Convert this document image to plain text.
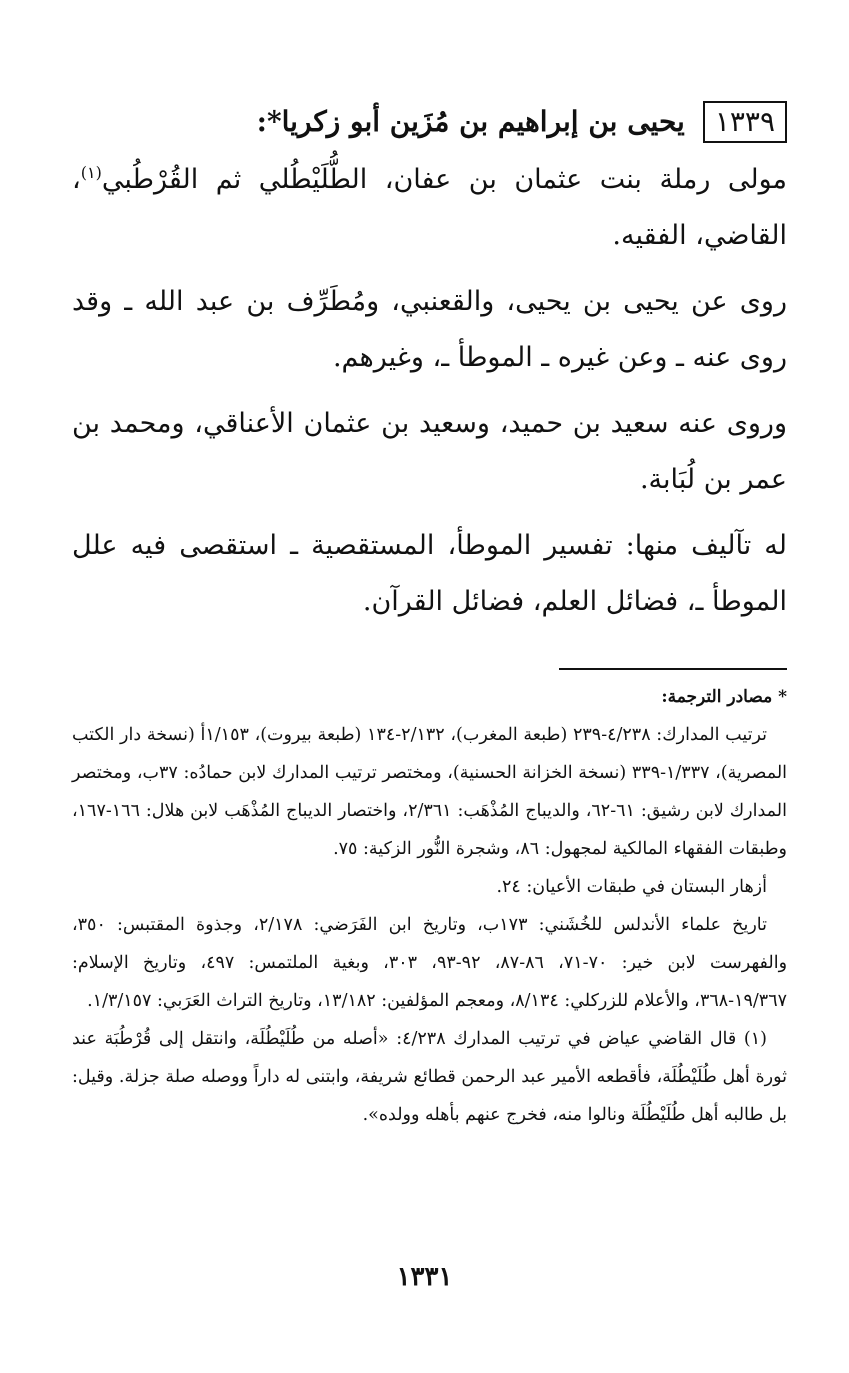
١٣٣٩
يحيى بن إبراهيم بن مُزَين أبو زكريا*:

مولى رملة بنت عثمان بن عفان، الطُّلَيْطُلي ثم القُرْطُبي$^{(١)}$، القاضي، الفقيه.

روى عن يحيى بن يحيى، والقعنبي، ومُطَرِّف بن عبد الله ـ وقد روى عنه ـ وعن غيره ـ الموطأ ـ، وغيرهم.

وروى عنه سعيد بن حميد، وسعيد بن عثمان الأعناقي، ومحمد بن عمر بن لُبَابة.

له تآليف منها: تفسير الموطأ، المستقصية ـ استقصى فيه علل الموطأ ـ، فضائل العلم، فضائل القرآن.

* مصادر الترجمة:

ترتيب المدارك: ٤/٢٣٨-٢٣٩ (طبعة المغرب)، ٢/١٣٢-١٣٤ (طبعة بيروت)، ١/١٥٣أ (نسخة دار الكتب المصرية)، ١/٣٣٧-٣٣٩ (نسخة الخزانة الحسنية)، ومختصر ترتيب المدارك لابن حمادُه: ٣٧ب، ومختصر المدارك لابن رشيق: ٦١-٦٢، والديباج المُذْهَب: ٢/٣٦١، واختصار الديباج المُذْهَب لابن هلال: ١٦٦-١٦٧، وطبقات الفقهاء المالكية لمجهول: ٨٦، وشجرة النُّور الزكية: ٧٥.

أزهار البستان في طبقات الأعيان: ٢٤.

تاريخ علماء الأندلس للخُشَني: ١٧٣ب، وتاريخ ابن الفَرَضي: ٢/١٧٨، وجذوة المقتبس: ٣٥٠، والفهرست لابن خير: ٧٠-٧١، ٨٦-٨٧، ٩٢-٩٣، ٣٠٣، وبغية الملتمس: ٤٩٧، وتاريخ الإسلام: ١٩/٣٦٧-٣٦٨، والأعلام للزركلي: ٨/١٣٤، ومعجم المؤلفين: ١٣/١٨٢، وتاريخ التراث العَرَبي: ١/٣/١٥٧.

(١) قال القاضي عياض في ترتيب المدارك ٤/٢٣٨: «أصله من طُلَيْطُلَة، وانتقل إلى قُرْطُبَة عند ثورة أهل طُلَيْطُلَة، فأقطعه الأمير عبد الرحمن قطائع شريفة، وابتنى له داراً ووصله صلة جزلة. وقيل: بل طالبه أهل طُلَيْطُلَة ونالوا منه، فخرج عنهم بأهله وولده».

١٣٣١
